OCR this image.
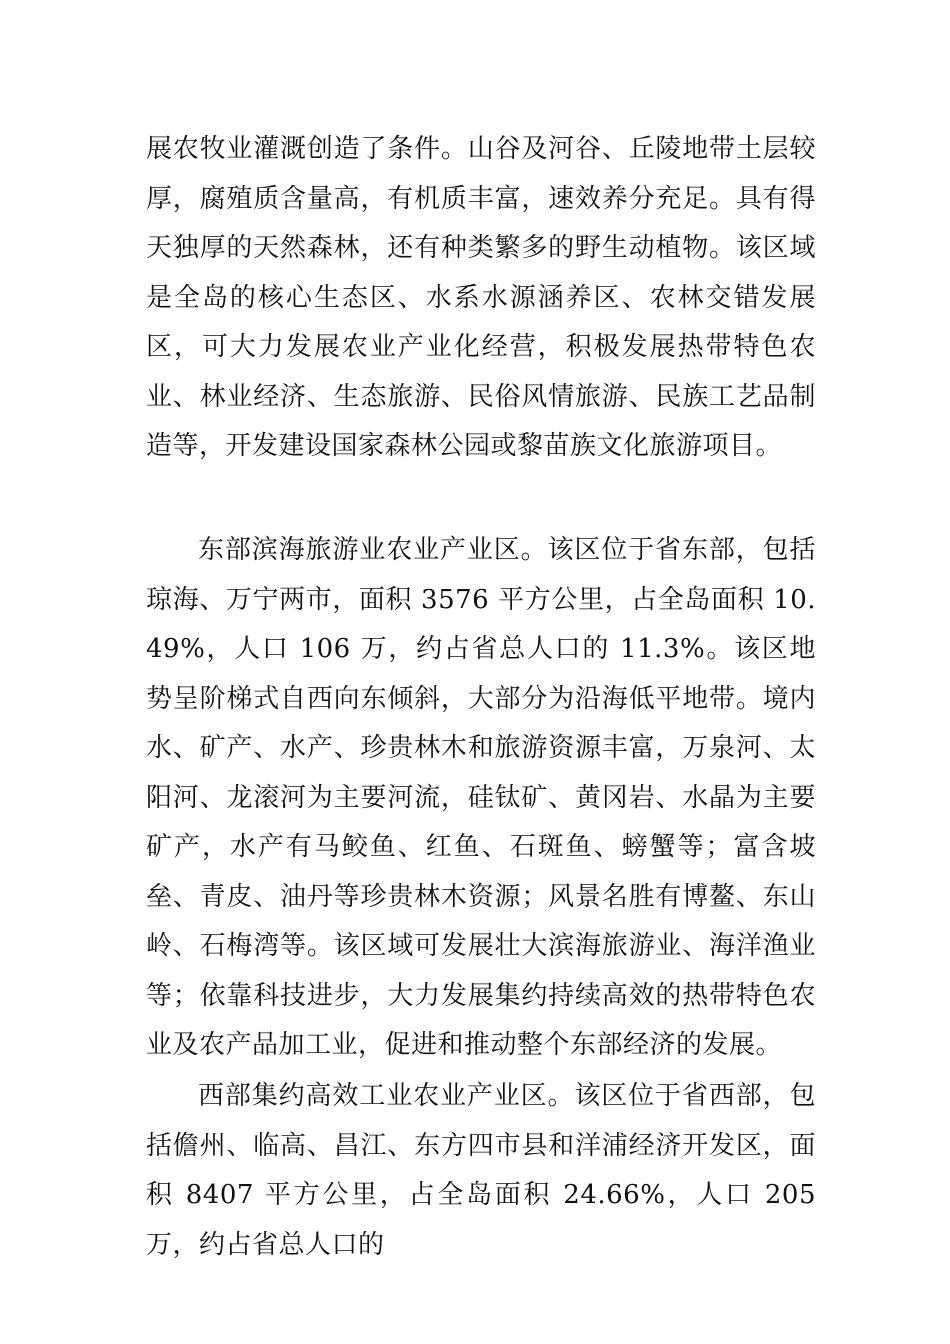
展农牧业灌溉创造了条件。山谷及河谷、丘陵地带土层较厚，腐殖质含量高，有机质丰富，速效养分充足。具有得天独厚的天然森林，还有种类繁多的野生动植物。该区域是全岛的核心生态区、水系水源涵养区、农林交错发展区，可大力发展农业产业化经营，积极发展热带特色农业、林业经济、生态旅游、民俗风情旅游、民族工艺品制造等，开发建设国家森林公园或黎苗族文化旅游项目。

东部滨海旅游业农业产业区。该区位于省东部，包括琼海、万宁两市，面积 3576 平方公里，占全岛面积 10.49%，人口 106 万，约占省总人口的 11.3%。该区地势呈阶梯式自西向东倾斜，大部分为沿海低平地带。境内水、矿产、水产、珍贵林木和旅游资源丰富，万泉河、太阳河、龙滚河为主要河流，硅钛矿、黄冈岩、水晶为主要矿产，水产有马鲛鱼、红鱼、石斑鱼、螃蟹等；富含坡垒、青皮、油丹等珍贵林木资源；风景名胜有博鳌、东山岭、石梅湾等。该区域可发展壮大滨海旅游业、海洋渔业等；依靠科技进步，大力发展集约持续高效的热带特色农业及农产品加工业，促进和推动整个东部经济的发展。

西部集约高效工业农业产业区。该区位于省西部，包括儋州、临高、昌江、东方四市县和洋浦经济开发区，面积 8407 平方公里，占全岛面积 24.66%，人口 205 万，约占省总人口的
